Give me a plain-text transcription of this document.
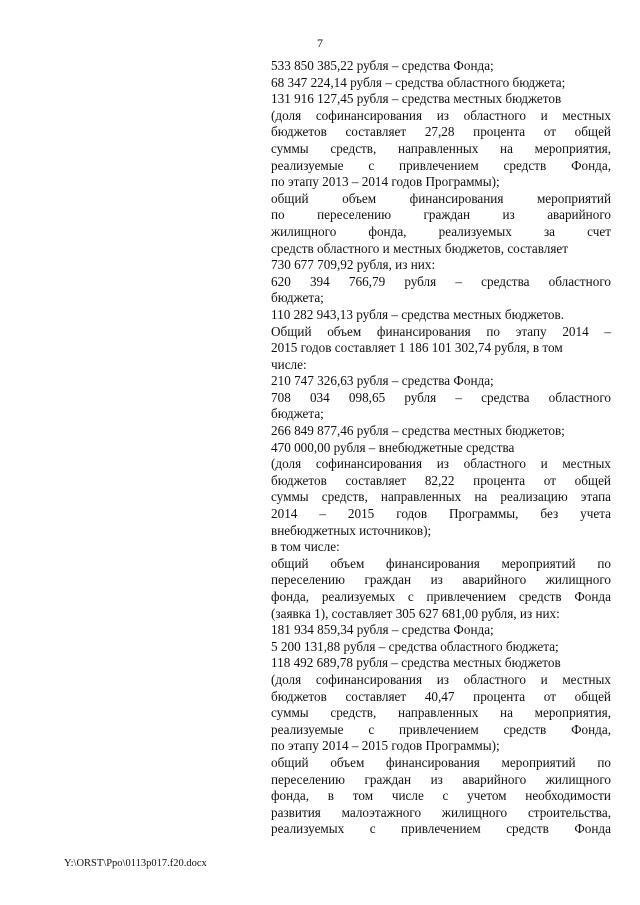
7
533 850 385,22 рубля – средства Фонда;
68 347 224,14 рубля – средства областного бюджета;
131 916 127,45 рубля – средства местных бюджетов
(доля софинансирования из областного и местных
бюджетов составляет 27,28 процента от общей
суммы средств, направленных на мероприятия,
реализуемые с привлечением средств Фонда,
по этапу 2013 – 2014 годов Программы);
общий объем финансирования мероприятий
по переселению граждан из аварийного
жилищного фонда, реализуемых за счет
средств областного и местных бюджетов, составляет
730 677 709,92 рубля, из них:
620 394 766,79 рубля – средства областного
бюджета;
110 282 943,13 рубля – средства местных бюджетов.
Общий объем финансирования по этапу 2014 –
2015 годов составляет 1 186 101 302,74 рубля, в том
числе:
210 747 326,63 рубля – средства Фонда;
708 034 098,65 рубля – средства областного
бюджета;
266 849 877,46 рубля – средства местных бюджетов;
470 000,00 рубля – внебюджетные средства
(доля софинансирования из областного и местных
бюджетов составляет 82,22 процента от общей
суммы средств, направленных на реализацию этапа
2014 – 2015 годов Программы, без учета
внебюджетных источников);
в том числе:
общий объем финансирования мероприятий по
переселению граждан из аварийного жилищного
фонда, реализуемых с привлечением средств Фонда
(заявка 1), составляет 305 627 681,00 рубля, из них:
181 934 859,34 рубля – средства Фонда;
5 200 131,88 рубля – средства областного бюджета;
118 492 689,78 рубля – средства местных бюджетов
(доля софинансирования из областного и местных
бюджетов составляет 40,47 процента от общей
суммы средств, направленных на мероприятия,
реализуемые с привлечением средств Фонда,
по этапу 2014 – 2015 годов Программы);
общий объем финансирования мероприятий по
переселению граждан из аварийного жилищного
фонда, в том числе с учетом необходимости
развития малоэтажного жилищного строительства,
реализуемых с привлечением средств Фонда
Y:\ORST\Ppo\0113p017.f20.docx
